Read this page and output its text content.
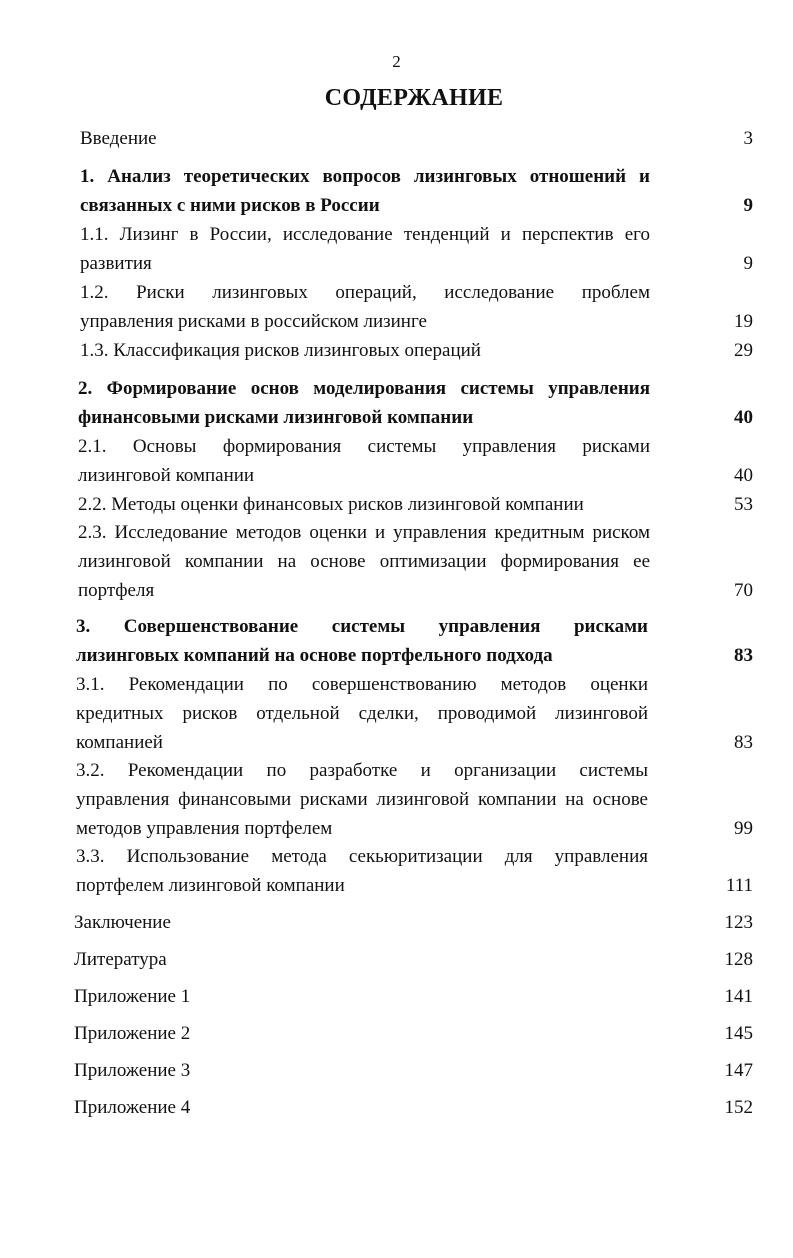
2
СОДЕРЖАНИЕ
Введение	3
1. Анализ теоретических вопросов лизинговых отношений и
связанных с ними рисков в России	9
1.1. Лизинг в России, исследование тенденций и перспектив его
развития	9
1.2. Риски лизинговых операций, исследование проблем
управления рисками в российском лизинге	19
1.3. Классификация рисков лизинговых операций	29
2. Формирование основ моделирования системы управления
финансовыми рисками лизинговой компании	40
2.1. Основы формирования системы управления рисками
лизинговой компании	40
2.2. Методы оценки финансовых рисков лизинговой компании	53
2.3. Исследование методов оценки и управления кредитным риском
лизинговой компании на основе оптимизации формирования ее
портфеля	70
3. Совершенствование системы управления рисками
лизинговых компаний на основе портфельного подхода	83
3.1. Рекомендации по совершенствованию методов оценки
кредитных рисков отдельной сделки, проводимой лизинговой
компанией	83
3.2. Рекомендации по разработке и организации системы
управления финансовыми рисками лизинговой компании на основе
методов управления портфелем	99
3.3. Использование метода секьюритизации для управления
портфелем лизинговой компании	111
Заключение	123
Литература	128
Приложение 1	141
Приложение 2	145
Приложение 3	147
Приложение 4	152
